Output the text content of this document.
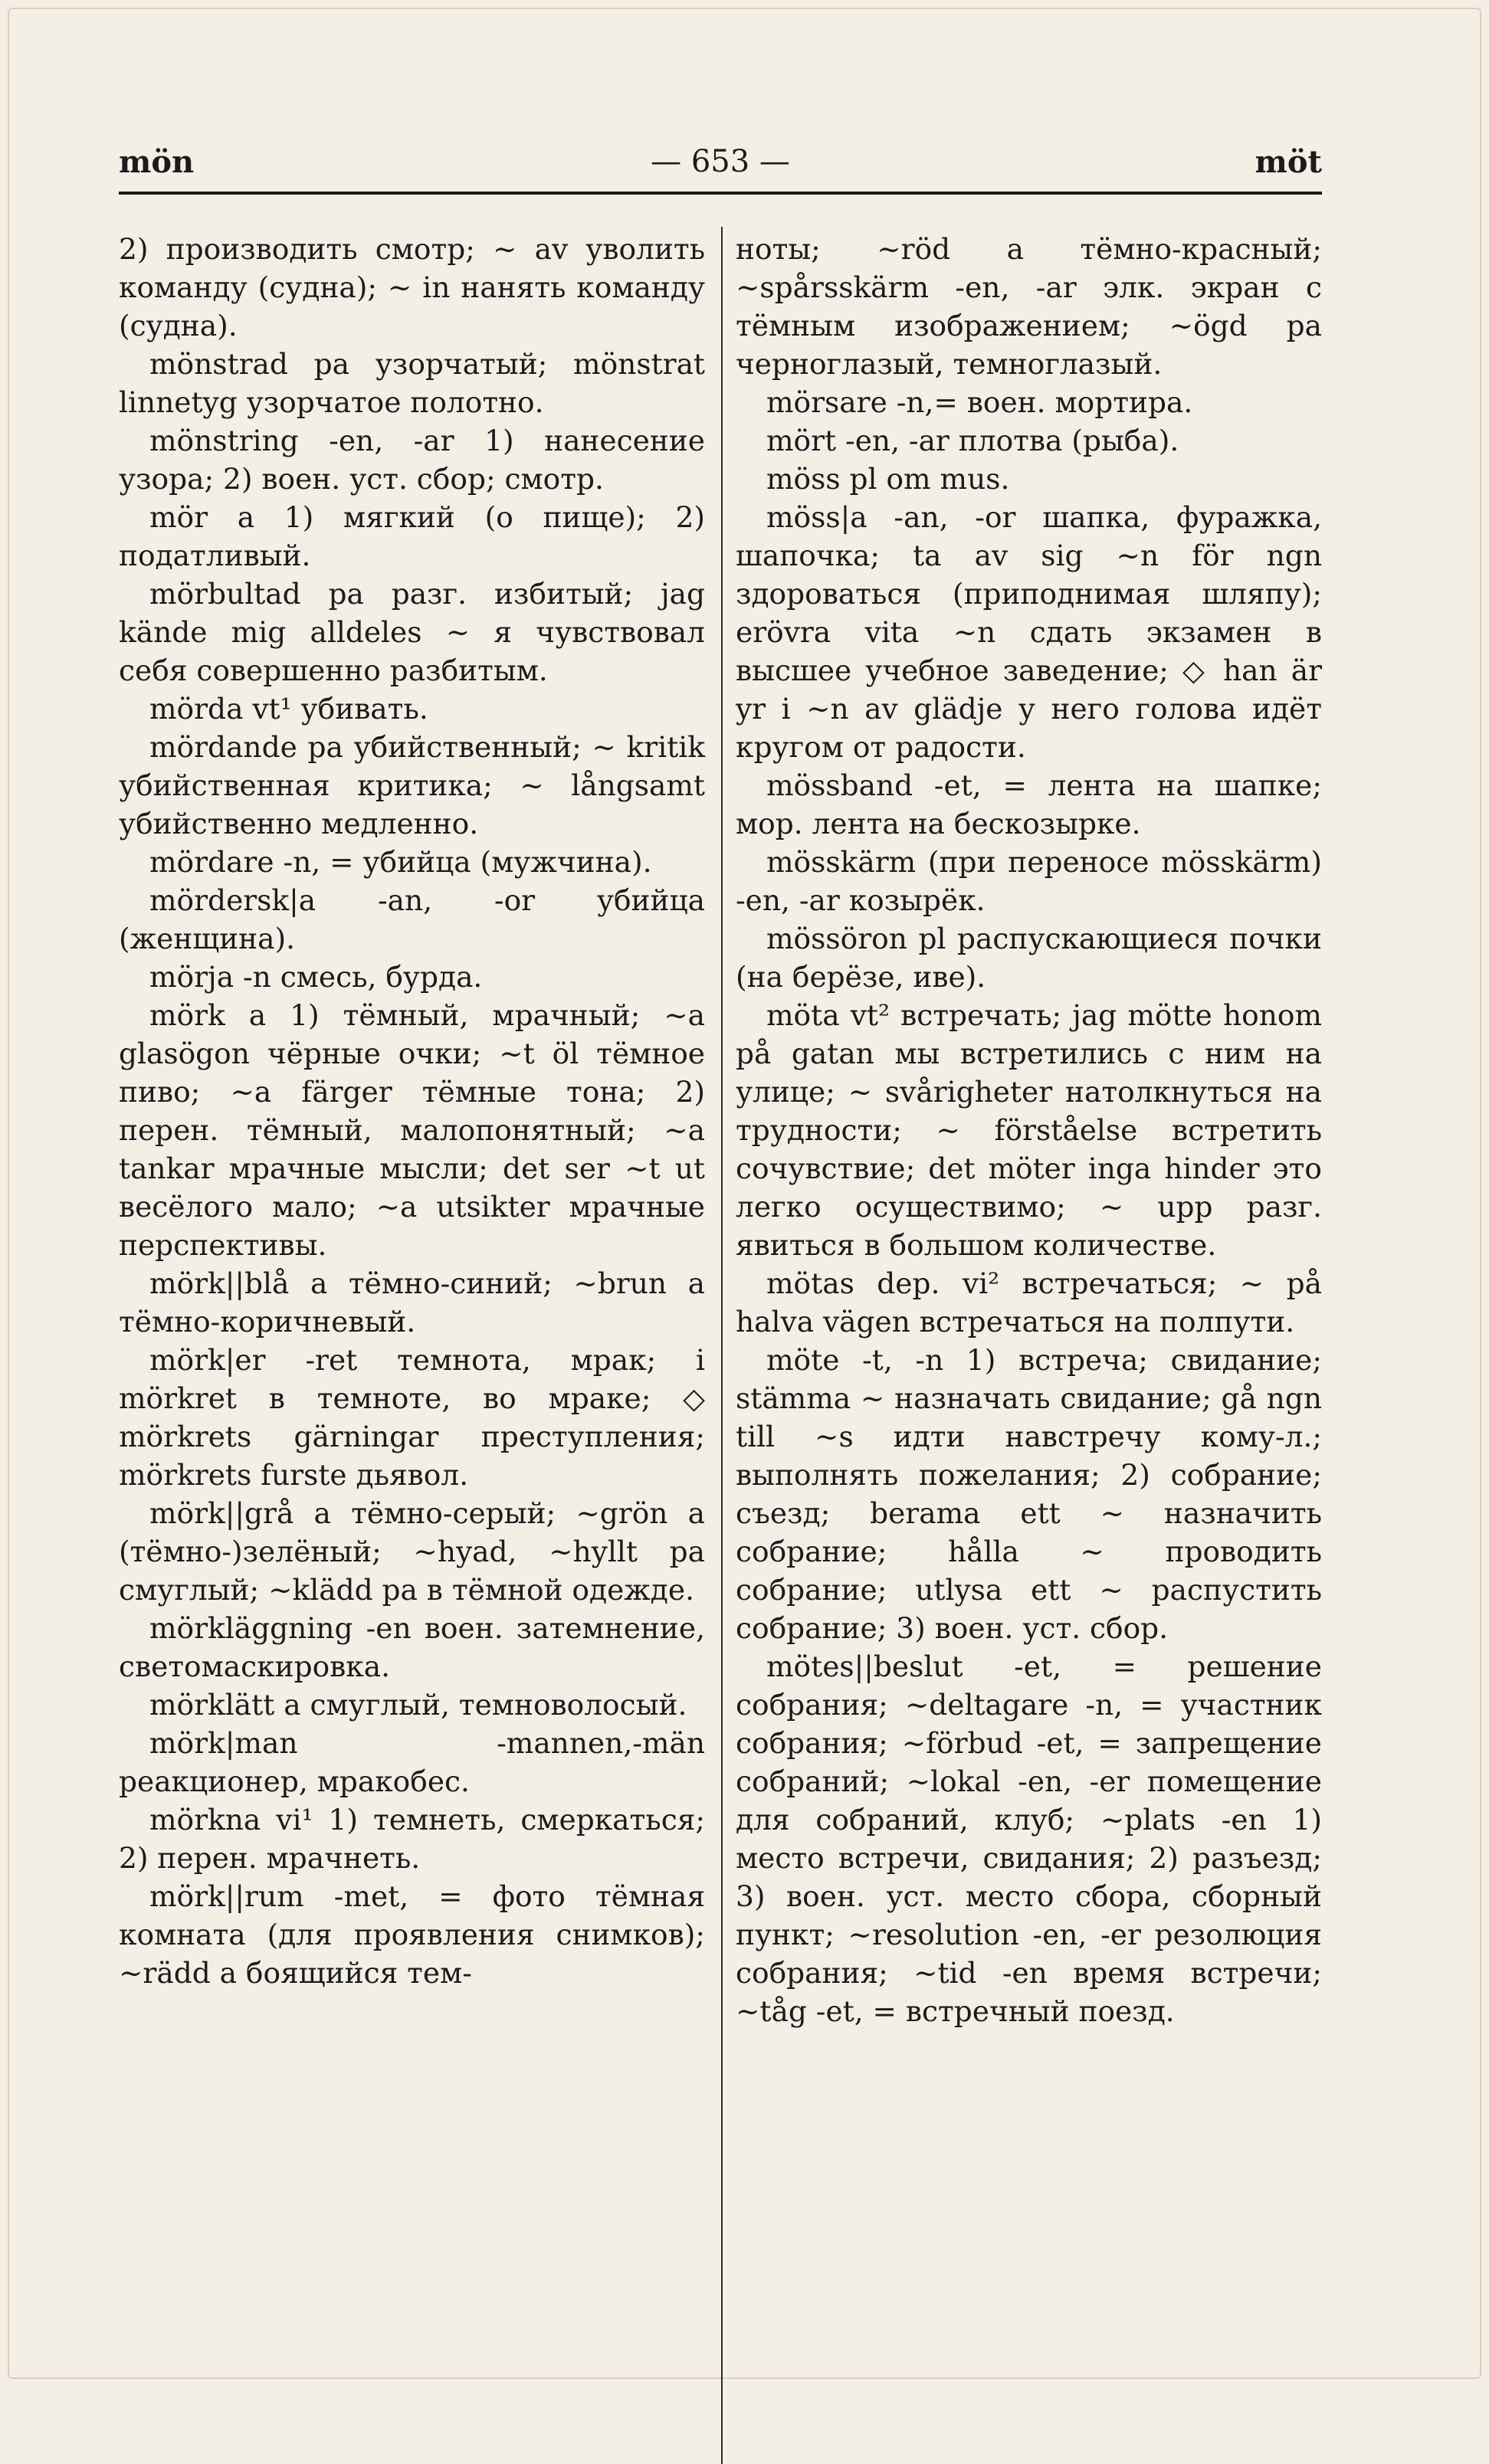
mön	— 653 —	möt

2) производить смотр; ~ av уволить команду (судна); ~ in нанять команду (судна).

mönstrad pa узорчатый; mönstrat linnetyg узорчатое полотно.

mönstring -en, -ar 1) нанесение узора; 2) воен. уст. сбор; смотр.

mör a 1) мягкий (о пище); 2) податливый.

mörbultad pa разг. избитый; jag kände mig alldeles ~ я чувствовал себя совершенно разбитым.

mörda vt¹ убивать.

mördande pa убийственный; ~ kritik убийственная критика; ~ långsamt убийственно медленно.

mördare -n, = убийца (мужчина).

mördersk|a -an, -or убийца (женщина).

mörja -n смесь, бурда.

mörk a 1) тёмный, мрачный; ~a glasögon чёрные очки; ~t öl тёмное пиво; ~a färger тёмные тона; 2) перен. тёмный, малопонятный; ~a tankar мрачные мысли; det ser ~t ut весёлого мало; ~a utsikter мрачные перспективы.

mörk||blå a тёмно-синий; ~brun a тёмно-коричневый.

mörk|er -ret темнота, мрак; i mörkret в темноте, во мраке; ◇ mörkrets gärningar преступления; mörkrets furste дьявол.

mörk||grå a тёмно-серый; ~grön a (тёмно-)зелёный; ~hyad, ~hyllt pa смуглый; ~klädd pa в тёмной одежде.

mörkläggning -en воен. затемнение, светомаскировка.

mörklätt a смуглый, темноволосый.

mörk|man -mannen,-män реакционер, мракобес.

mörkna vi¹ 1) темнеть, смеркаться; 2) перен. мрачнеть.

mörk||rum -met, = фото тёмная комната (для проявления снимков); ~rädd a боящийся тем-

ноты; ~röd a тёмно-красный; ~spårsskärm -en, -ar элк. экран с тёмным изображением; ~ögd pa черноглазый, темноглазый.

mörsare -n,= воен. мортира.

mört -en, -ar плотва (рыба).

möss pl om mus.

möss|a -an, -or шапка, фуражка, шапочка; ta av sig ~n för ngn здороваться (приподнимая шляпу); erövra vita ~n сдать экзамен в высшее учебное заведение; ◇ han är yr i ~n av glädje у него голова идёт кругом от радости.

mössband -et, = лента на шапке; мор. лента на бескозырке.

mösskärm (при переносе mösskärm) -en, -ar козырёк.

mössöron pl распускающиеся почки (на берёзе, иве).

möta vt² встречать; jag mötte honom på gatan мы встретились с ним на улице; ~ svårigheter натолкнуться на трудности; ~ förståelse встретить сочувствие; det möter inga hinder это легко осуществимо; ~ upp разг. явиться в большом количестве.

mötas dep. vi² встречаться; ~ på halva vägen встречаться на полпути.

möte -t, -n 1) встреча; свидание; stämma ~ назначать свидание; gå ngn till ~s идти навстречу кому-л.; выполнять пожелания; 2) собрание; съезд; berama ett ~ назначить собрание; hålla ~ проводить собрание; utlysa ett ~ распустить собрание; 3) воен. уст. сбор.

mötes||beslut -et, = решение собрания; ~deltagare -n, = участник собрания; ~förbud -et, = запрещение собраний; ~lokal -en, -er помещение для собраний, клуб; ~plats -en 1) место встречи, свидания; 2) разъезд; 3) воен. уст. место сбора, сборный пункт; ~resolution -en, -er резолюция собрания; ~tid -en время встречи; ~tåg -et, = встречный поезд.
